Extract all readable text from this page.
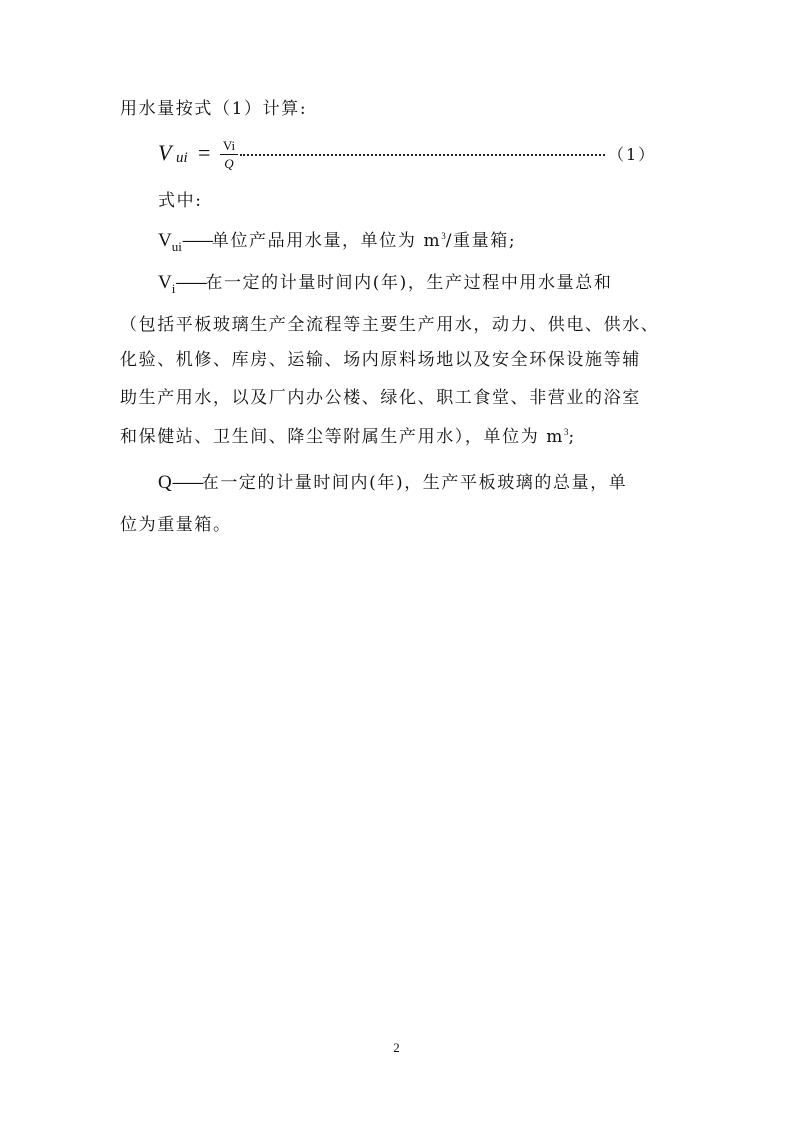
用水量按式（1）计算:
V ui = Vi
Q	（1）
式中:
$V_{ui}——$单位产品用水量，单位为 $m^3/$重量箱;
$V_i——$在一定的计量时间内(年)，生产过程中用水量总和
（包括平板玻璃生产全流程等主要生产用水，动力、供电、供水、
化验、机修、库房、运输、场内原料场地以及安全环保设施等辅
助生产用水，以及厂内办公楼、绿化、职工食堂、非营业的浴室
和保健站、卫生间、降尘等附属生产用水），单位为 $m^3$;
Q——在一定的计量时间内(年)，生产平板玻璃的总量，单
位为重量箱。
2
